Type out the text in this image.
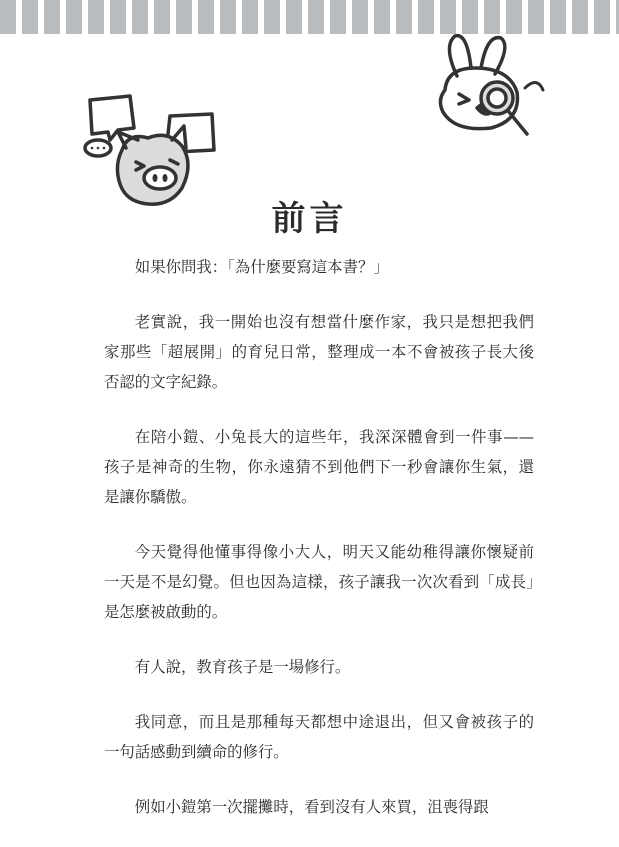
前言

如果你問我：「為什麼要寫這本書？」

老實說，我一開始也沒有想當什麼作家，我只是想把我們家那些「超展開」的育兒日常，整理成一本不會被孩子長大後否認的文字紀錄。

在陪小鎧、小兔長大的這些年，我深深體會到一件事——孩子是神奇的生物，你永遠猜不到他們下一秒會讓你生氣，還是讓你驕傲。

今天覺得他懂事得像小大人，明天又能幼稚得讓你懷疑前一天是不是幻覺。但也因為這樣，孩子讓我一次次看到「成長」是怎麼被啟動的。

有人說，教育孩子是一場修行。

我同意，而且是那種每天都想中途退出，但又會被孩子的一句話感動到續命的修行。

例如小鎧第一次擺攤時，看到沒有人來買，沮喪得跟
